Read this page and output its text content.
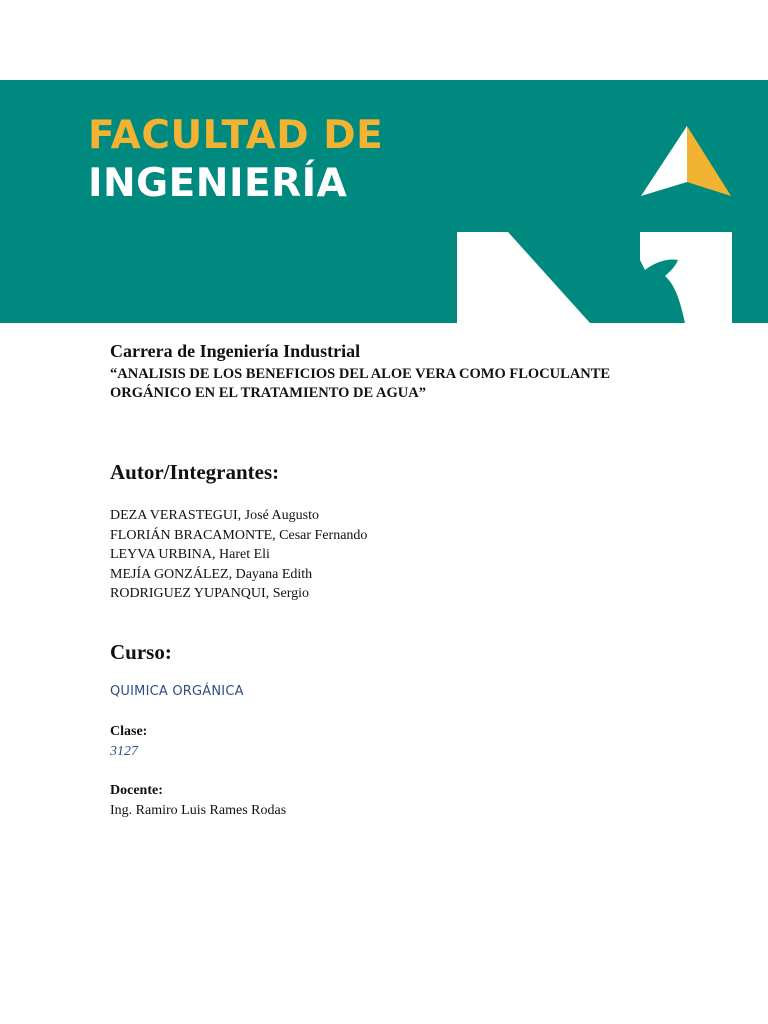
FACULTAD DE
INGENIERÍA
Carrera de Ingeniería Industrial
“ANALISIS DE LOS BENEFICIOS DEL ALOE VERA COMO FLOCULANTE ORGÁNICO EN EL TRATAMIENTO DE AGUA”
Autor/Integrantes:
DEZA VERASTEGUI, José Augusto
FLORIÁN BRACAMONTE, Cesar Fernando
LEYVA URBINA, Haret Eli
MEJÍA GONZÁLEZ, Dayana Edith
RODRIGUEZ YUPANQUI, Sergio
Curso:
QUIMICA ORGÁNICA
Clase:
3127
Docente:
Ing. Ramiro Luis Rames Rodas
